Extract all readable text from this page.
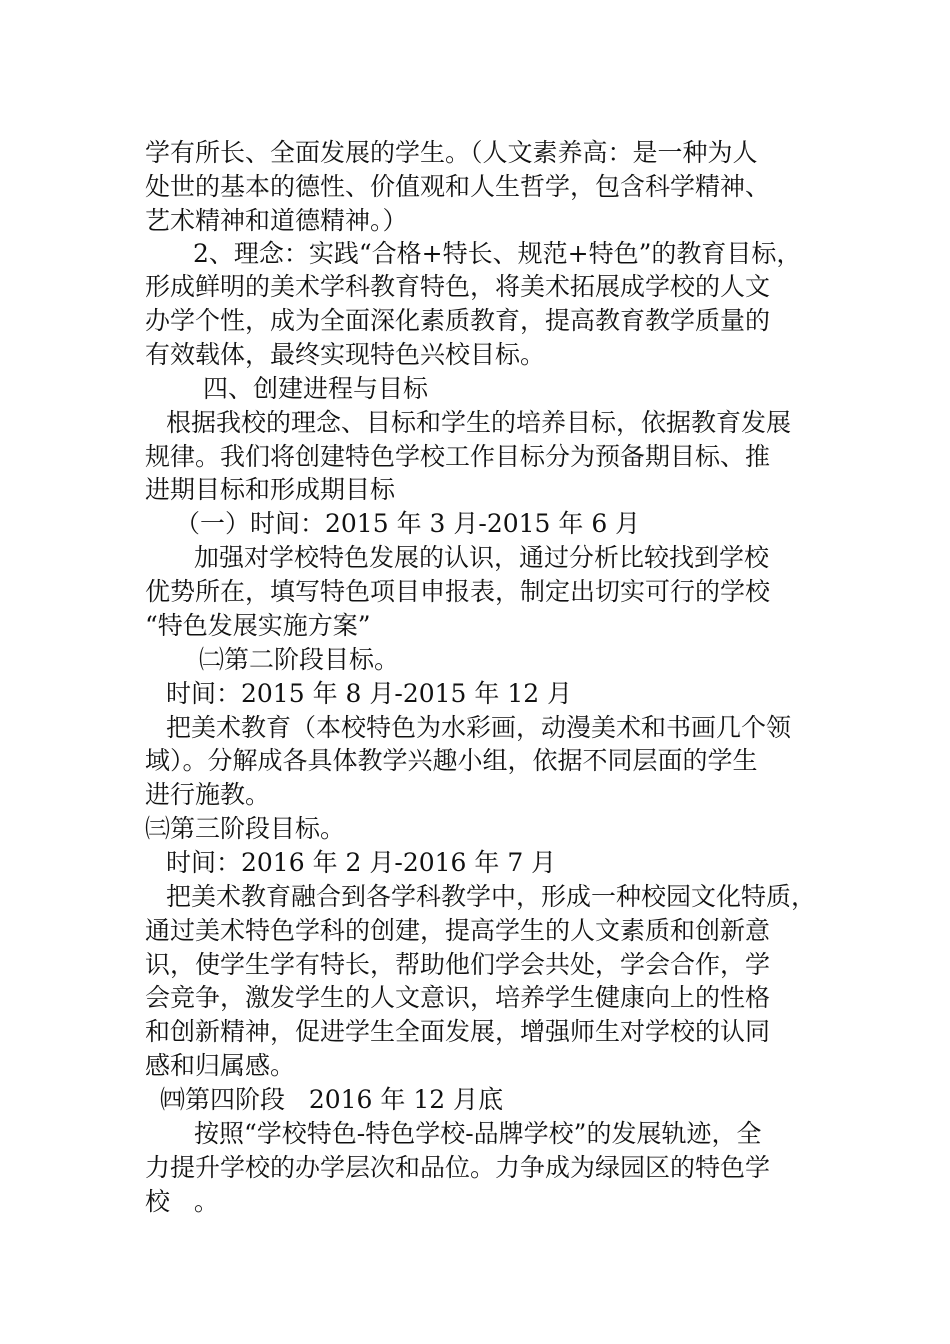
学有所长、全面发展的学生。（人文素养高：是一种为人
处世的基本的德性、价值观和人生哲学，包含科学精神、
艺术精神和道德精神。）
2、理念：实践“合格+特长、规范+特色”的教育目标，
形成鲜明的美术学科教育特色，将美术拓展成学校的人文
办学个性，成为全面深化素质教育，提高教育教学质量的
有效载体，最终实现特色兴校目标。
四、创建进程与目标
根据我校的理念、目标和学生的培养目标，依据教育发展
规律。我们将创建特色学校工作目标分为预备期目标、推
进期目标和形成期目标
（一）时间：2015 年 3 月-2015 年 6 月
加强对学校特色发展的认识，通过分析比较找到学校
优势所在，填写特色项目申报表，制定出切实可行的学校
“特色发展实施方案”
㈡第二阶段目标。
时间：2015 年 8 月-2015 年 12 月
把美术教育（本校特色为水彩画，动漫美术和书画几个领
域）。分解成各具体教学兴趣小组，依据不同层面的学生
进行施教。
㈢第三阶段目标。
时间：2016 年 2 月-2016 年 7 月
把美术教育融合到各学科教学中，形成一种校园文化特质，
通过美术特色学科的创建，提高学生的人文素质和创新意
识，使学生学有特长，帮助他们学会共处，学会合作，学
会竞争，激发学生的人文意识，培养学生健康向上的性格
和创新精神，促进学生全面发展，增强师生对学校的认同
感和归属感。
㈣第四阶段   2016 年 12 月底
按照“学校特色-特色学校-品牌学校”的发展轨迹，全
力提升学校的办学层次和品位。力争成为绿园区的特色学
校   。
